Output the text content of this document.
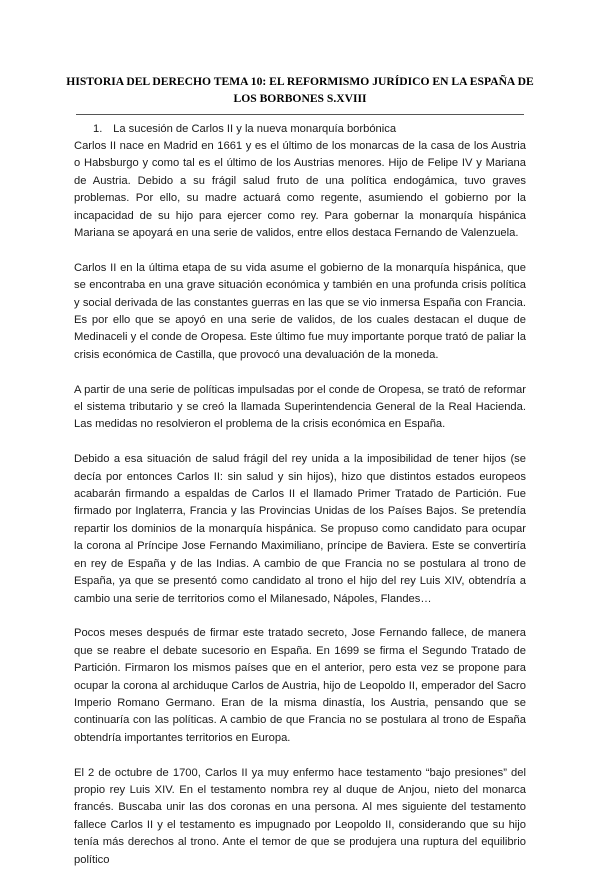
HISTORIA DEL DERECHO TEMA 10: EL REFORMISMO JURÍDICO EN LA ESPAÑA DE LOS BORBONES S.XVIII
1. La sucesión de Carlos II y la nueva monarquía borbónica

Carlos II nace en Madrid en 1661 y es el último de los monarcas de la casa de los Austria o Habsburgo y como tal es el último de los Austrias menores. Hijo de Felipe IV y Mariana de Austria. Debido a su frágil salud fruto de una política endogámica, tuvo graves problemas. Por ello, su madre actuará como regente, asumiendo el gobierno por la incapacidad de su hijo para ejercer como rey. Para gobernar la monarquía hispánica Mariana se apoyará en una serie de validos, entre ellos destaca Fernando de Valenzuela.

Carlos II en la última etapa de su vida asume el gobierno de la monarquía hispánica, que se encontraba en una grave situación económica y también en una profunda crisis política y social derivada de las constantes guerras en las que se vio inmersa España con Francia. Es por ello que se apoyó en una serie de validos, de los cuales destacan el duque de Medinaceli y el conde de Oropesa. Este último fue muy importante porque trató de paliar la crisis económica de Castilla, que provocó una devaluación de la moneda.

A partir de una serie de políticas impulsadas por el conde de Oropesa, se trató de reformar el sistema tributario y se creó la llamada Superintendencia General de la Real Hacienda. Las medidas no resolvieron el problema de la crisis económica en España.

Debido a esa situación de salud frágil del rey unida a la imposibilidad de tener hijos (se decía por entonces Carlos II: sin salud y sin hijos), hizo que distintos estados europeos acabarán firmando a espaldas de Carlos II el llamado Primer Tratado de Partición. Fue firmado por Inglaterra, Francia y las Provincias Unidas de los Países Bajos. Se pretendía repartir los dominios de la monarquía hispánica. Se propuso como candidato para ocupar la corona al Príncipe Jose Fernando Maximiliano, príncipe de Baviera. Este se convertiría en rey de España y de las Indias. A cambio de que Francia no se postulara al trono de España, ya que se presentó como candidato al trono el hijo del rey Luis XIV, obtendría a cambio una serie de territorios como el Milanesado, Nápoles, Flandes…

Pocos meses después de firmar este tratado secreto, Jose Fernando fallece, de manera que se reabre el debate sucesorio en España. En 1699 se firma el Segundo Tratado de Partición. Firmaron los mismos países que en el anterior, pero esta vez se propone para ocupar la corona al archiduque Carlos de Austria, hijo de Leopoldo II, emperador del Sacro Imperio Romano Germano. Eran de la misma dinastía, los Austria, pensando que se continuaría con las políticas. A cambio de que Francia no se postulara al trono de España obtendría importantes territorios en Europa.

El 2 de octubre de 1700, Carlos II ya muy enfermo hace testamento “bajo presiones” del propio rey Luis XIV. En el testamento nombra rey al duque de Anjou, nieto del monarca francés. Buscaba unir las dos coronas en una persona. Al mes siguiente del testamento fallece Carlos II y el testamento es impugnado por Leopoldo II, considerando que su hijo tenía más derechos al trono. Ante el temor de que se produjera una ruptura del equilibrio político
